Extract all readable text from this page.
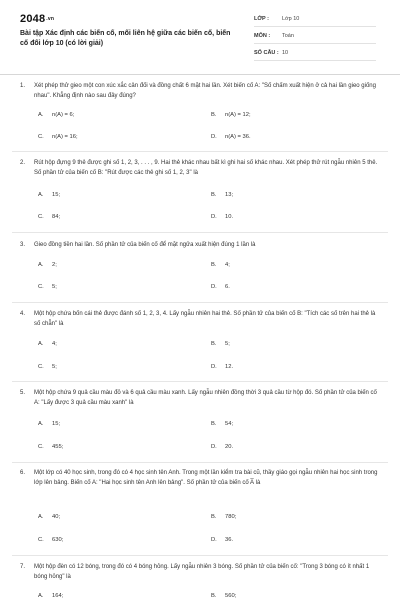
2048.vn
Bài tập Xác định các biến cố, mối liên hệ giữa các biến cố, biến cố đối lớp 10 (có lời giải)
LỚP :	Lớp 10
MÔN :	Toán
SỐ CÂU : 10
1.	Xét phép thử gieo một con xúc xắc cân đối và đồng chất 6 mặt hai lần. Xét biến cố A: "Số chấm xuất hiện ở cả hai lần gieo giống nhau". Khẳng định nào sau đây đúng?
A. n(A) = 6;	B. n(A) = 12;
C. n(A) = 16;	D. n(A) = 36.
2.	Rút hộp đựng 9 thẻ được ghi số 1, 2, 3, . . . , 9. Hai thẻ khác nhau bất kì ghi hai số khác nhau. Xét phép thử rút ngẫu nhiên 5 thẻ. Số phần tử của biến cố B: "Rút được các thẻ ghi số 1, 2, 3" là
A. 15;	B. 13;
C. 84;	D. 10.
3.	Gieo đồng tiền hai lần. Số phần tử của biến cố để mặt ngửa xuất hiện đúng 1 lần là
A. 2;	B. 4;
C. 5;	D. 6.
4.	Một hộp chứa bốn cái thẻ được đánh số 1, 2, 3, 4. Lấy ngẫu nhiên hai thẻ. Số phần tử của biến cố B: "Tích các số trên hai thẻ là số chẵn" là
A. 4;	B. 5;
C. 5;	D. 12.
5.	Một hộp chứa 9 quả cầu màu đỏ và 6 quả cầu màu xanh. Lấy ngẫu nhiên đồng thời 3 quả cầu từ hộp đó. Số phần tử của biến cố A: "Lấy được 3 quả cầu màu xanh" là
A. 15;	B. 54;
C. 455;	D. 20.
6.	Một lớp có 40 học sinh, trong đó có 4 học sinh tên Anh. Trong một lần kiểm tra bài cũ, thầy giáo gọi ngẫu nhiên hai học sinh trong lớp lên bảng. Biến cố A: "Hai học sinh tên Anh lên bảng". Số phần tử của biến cố A̅ là
A. 40;	B. 780;
C. 630;	D. 36.
7.	Một hộp đèn có 12 bóng, trong đó có 4 bóng hỏng. Lấy ngẫu nhiên 3 bóng. Số phần tử của biến cố: "Trong 3 bóng có ít nhất 1 bóng hỏng" là
A. 164;	B. 560;
